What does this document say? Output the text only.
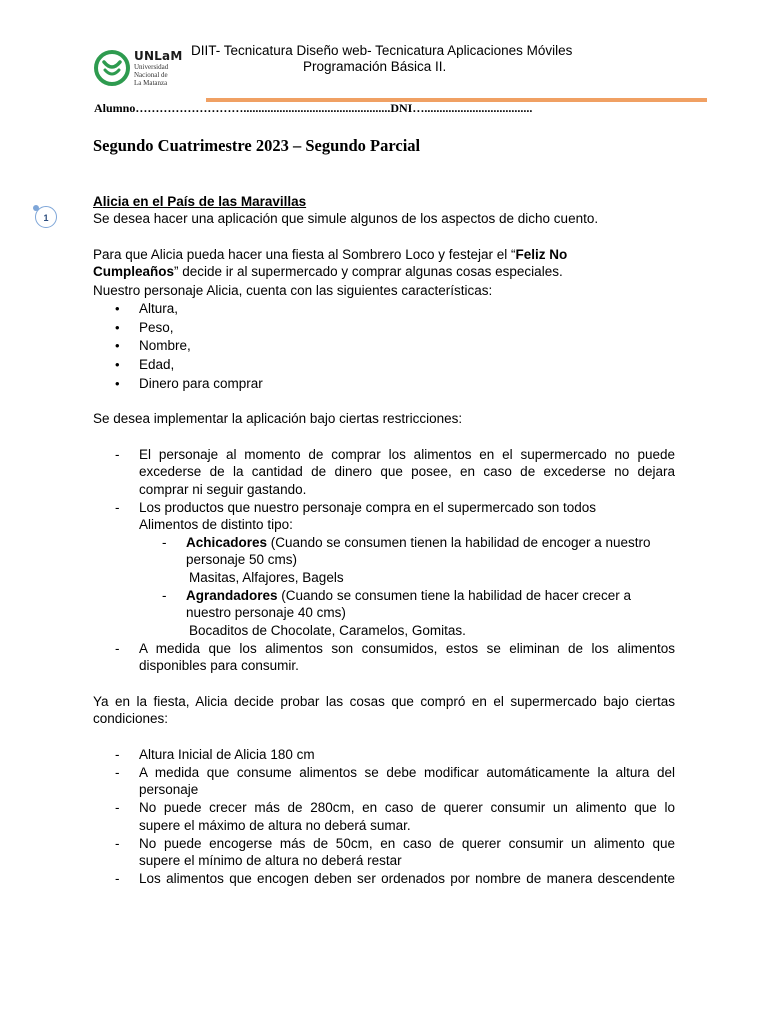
UNLaM
Universidad
Nacional de
La Matanza
DIIT- Tecnicatura Diseño web- Tecnicatura Aplicaciones Móviles
Programación Básica II.
Alumno……………………….................................................DNI…....................................
Segundo Cuatrimestre 2023 – Segundo Parcial
1
Alicia en el País de las Maravillas
Se desea hacer una aplicación que simule algunos de los aspectos de dicho cuento.
Para que Alicia pueda hacer una fiesta al Sombrero Loco y festejar el “Feliz No
Cumpleaños” decide ir al supermercado y comprar algunas cosas especiales.
Nuestro personaje Alicia, cuenta con las siguientes características:
• Altura,
• Peso,
• Nombre,
• Edad,
• Dinero para comprar
Se desea implementar la aplicación bajo ciertas restricciones:
- El personaje al momento de comprar los alimentos en el supermercado no puede
excederse de la cantidad de dinero que posee, en caso de excederse no dejara
comprar ni seguir gastando.
- Los productos que nuestro personaje compra en el supermercado son todos
Alimentos de distinto tipo:
- Achicadores (Cuando se consumen tienen la habilidad de encoger a nuestro
personaje 50 cms)
Masitas, Alfajores, Bagels
- Agrandadores (Cuando se consumen tiene la habilidad de hacer crecer a
nuestro personaje 40 cms)
Bocaditos de Chocolate, Caramelos, Gomitas.
- A medida que los alimentos son consumidos, estos se eliminan de los alimentos
disponibles para consumir.
Ya en la fiesta, Alicia decide probar las cosas que compró en el supermercado bajo ciertas
condiciones:
- Altura Inicial de Alicia 180 cm
- A medida que consume alimentos se debe modificar automáticamente la altura del
personaje
- No puede crecer más de 280cm, en caso de querer consumir un alimento que lo
supere el máximo de altura no deberá sumar.
- No puede encogerse más de 50cm, en caso de querer consumir un alimento que
supere el mínimo de altura no deberá restar
- Los alimentos que encogen deben ser ordenados por nombre de manera descendente
